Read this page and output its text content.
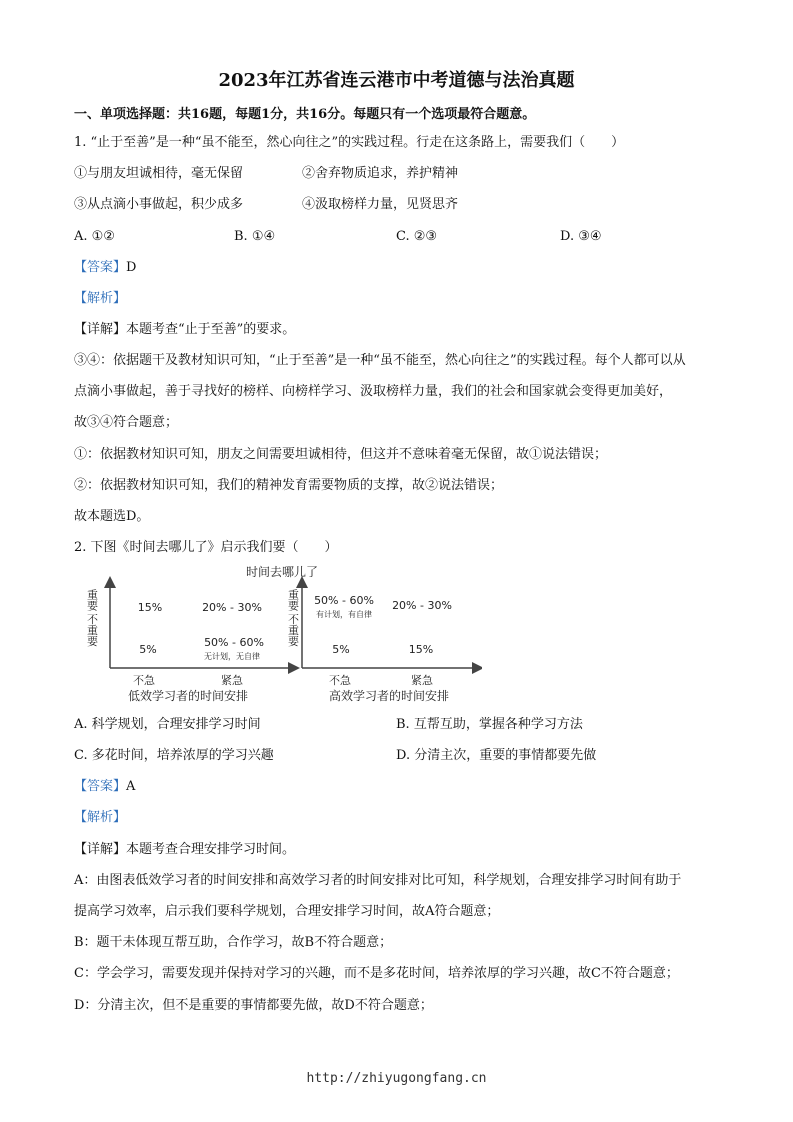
2023年江苏省连云港市中考道德与法治真题
一、单项选择题：共16题，每题1分，共16分。每题只有一个选项最符合题意。
1. “止于至善”是一种“虽不能至，然心向往之”的实践过程。行走在这条路上，需要我们（　　）
①与朋友坦诚相待，毫无保留	②舍弃物质追求，养护精神
③从点滴小事做起，积少成多	④汲取榜样力量，见贤思齐
A. ①②	B. ①④	C. ②③	D. ③④
【答案】D
【解析】
【详解】本题考查“止于至善”的要求。
③④：依据题干及教材知识可知，“止于至善”是一种“虽不能至，然心向往之”的实践过程。每个人都可以从
点滴小事做起，善于寻找好的榜样、向榜样学习、汲取榜样力量，我们的社会和国家就会变得更加美好，
故③④符合题意；
①：依据教材知识可知，朋友之间需要坦诚相待，但这并不意味着毫无保留，故①说法错误；
②：依据教材知识可知，我们的精神发育需要物质的支撑，故②说法错误；
故本题选D。
2. 下图《时间去哪儿了》启示我们要（　　）
时间去哪儿了
重要
不重要
不急	紧急
15%	20% - 30%
5%
50% - 60%
无计划，无自律
低效学习者的时间安排
重要
不重要
不急	紧急
50% - 60% 20% - 30%
5%	15%
有计划，有自律
高效学习者的时间安排
A. 科学规划，合理安排学习时间	B. 互帮互助，掌握各种学习方法
C. 多花时间，培养浓厚的学习兴趣	D. 分清主次，重要的事情都要先做
【答案】A
【解析】
【详解】本题考查合理安排学习时间。
A：由图表低效学习者的时间安排和高效学习者的时间安排对比可知，科学规划，合理安排学习时间有助于
提高学习效率，启示我们要科学规划，合理安排学习时间，故A符合题意；
B：题干未体现互帮互助，合作学习，故B不符合题意；
C：学会学习，需要发现并保持对学习的兴趣，而不是多花时间，培养浓厚的学习兴趣，故C不符合题意；
D：分清主次，但不是重要的事情都要先做，故D不符合题意；
http://zhiyugongfang.cn
